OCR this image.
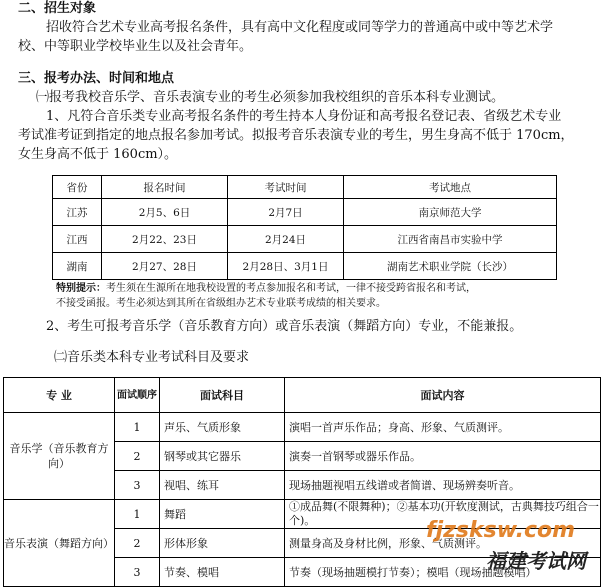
二、招生对象
招收符合艺术专业高考报名条件，具有高中文化程度或同等学力的普通高中或中等艺术学
校、中等职业学校毕业生以及社会青年。
三、报考办法、时间和地点
㈠报考我校音乐学、音乐表演专业的考生必须参加我校组织的音乐本科专业测试。
1、凡符合音乐类专业高考报名条件的考生持本人身份证和高考报名登记表、省级艺术专业
考试准考证到指定的地点报名参加考试。拟报考音乐表演专业的考生，男生身高不低于 170cm，
女生身高不低于 160cm）。
省份	报名时间	考试时间	考试地点
江苏	2月5、6日	2月7日	南京师范大学
江西	2月22、23日	2月24日	江西省南昌市实验中学
湖南	2月27、28日	2月28日、3月1日	湖南艺术职业学院（长沙）
特别提示：考生须在生源所在地我校设置的考点参加报名和考试，一律不接受跨省报名和考试，
不接受函报。考生必须达到其所在省级组办艺术专业联考成绩的相关要求。
2、考生可报考音乐学（音乐教育方向）或音乐表演（舞蹈方向）专业，不能兼报。
㈡音乐类本科专业考试科目及要求
专 业	面试顺序	面试科目	面试内容
音乐学（音乐教育方向）	1	声乐、气质形象	演唱一首声乐作品；身高、形象、气质测评。
	2	钢琴或其它器乐	演奏一首钢琴或器乐作品。
	3	视唱、练耳	现场抽题视唱五线谱或者简谱、现场辨奏听音。
音乐表演（舞蹈方向）	1	舞蹈	①成品舞(不限舞种)；②基本功(开软度测试，古典舞技巧组合一个)。
	2	形体形象	测量身高及身材比例，形象、气质测评。
	3	节奏、模唱	节奏（现场抽题模打节奏）；模唱（现场抽题模唱）
fjzsksw.com
福建考试网
